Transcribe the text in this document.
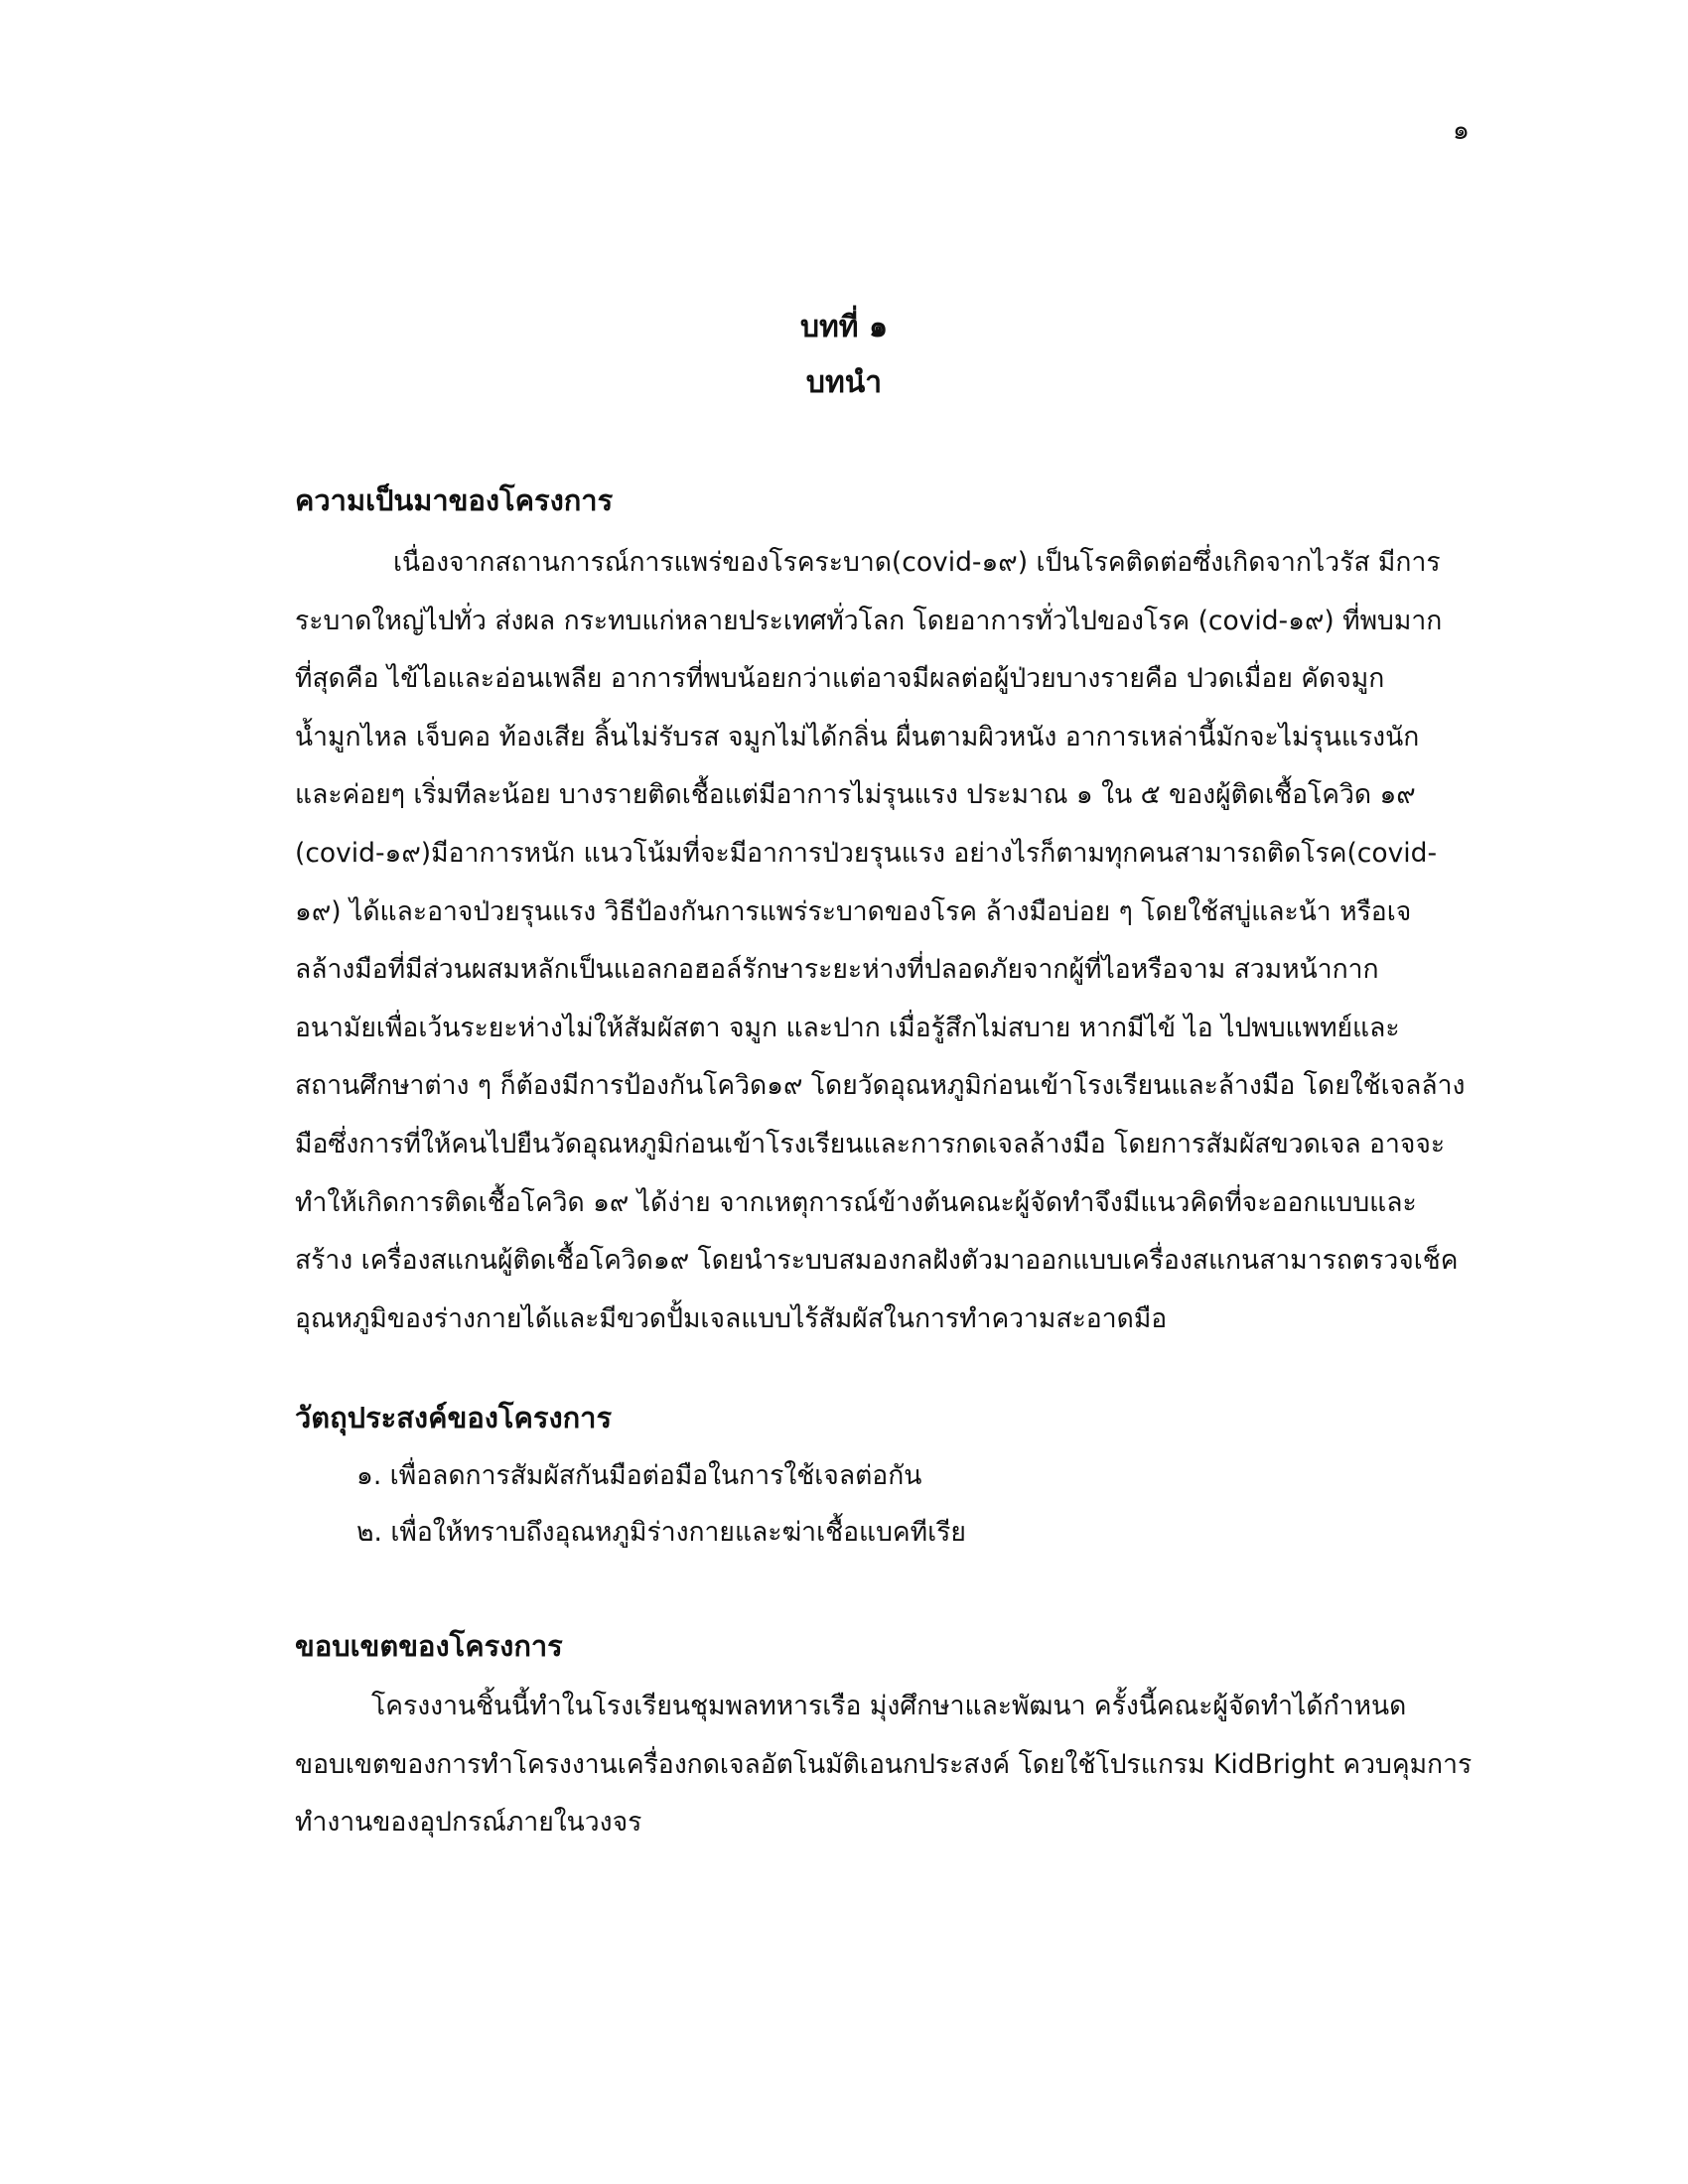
๑
บทที่ ๑
บทนำ
ความเป็นมาของโครงการ
เนื่องจากสถานการณ์การแพร่ของโรคระบาด(covid-๑๙) เป็นโรคติดต่อซึ่งเกิดจากไวรัส มีการ
ระบาดใหญ่ไปทั่ว ส่งผล กระทบแก่หลายประเทศทั่วโลก โดยอาการทั่วไปของโรค (covid-๑๙) ที่พบมาก
ที่สุดคือ ไข้ไอและอ่อนเพลีย อาการที่พบน้อยกว่าแต่อาจมีผลต่อผู้ป่วยบางรายคือ ปวดเมื่อย คัดจมูก
น้ำมูกไหล เจ็บคอ ท้องเสีย ลิ้นไม่รับรส จมูกไม่ได้กลิ่น ผื่นตามผิวหนัง อาการเหล่านี้มักจะไม่รุนแรงนัก
และค่อยๆ เริ่มทีละน้อย บางรายติดเชื้อแต่มีอาการไม่รุนแรง ประมาณ ๑ ใน ๕ ของผู้ติดเชื้อโควิด ๑๙
(covid-๑๙)มีอาการหนัก แนวโน้มที่จะมีอาการป่วยรุนแรง อย่างไรก็ตามทุกคนสามารถติดโรค(covid-
๑๙) ได้และอาจป่วยรุนแรง วิธีป้องกันการแพร่ระบาดของโรค ล้างมือบ่อย ๆ โดยใช้สบู่และน้า หรือเจ
ลล้างมือที่มีส่วนผสมหลักเป็นแอลกอฮอล์รักษาระยะห่างที่ปลอดภัยจากผู้ที่ไอหรือจาม สวมหน้ากาก
อนามัยเพื่อเว้นระยะห่างไม่ให้สัมผัสตา จมูก และปาก เมื่อรู้สึกไม่สบาย หากมีไข้ ไอ ไปพบแพทย์และ
สถานศึกษาต่าง ๆ ก็ต้องมีการป้องกันโควิด๑๙ โดยวัดอุณหภูมิก่อนเข้าโรงเรียนและล้างมือ โดยใช้เจลล้าง
มือซึ่งการที่ให้คนไปยืนวัดอุณหภูมิก่อนเข้าโรงเรียนและการกดเจลล้างมือ โดยการสัมผัสขวดเจล อาจจะ
ทำให้เกิดการติดเชื้อโควิด ๑๙ ได้ง่าย จากเหตุการณ์ข้างต้นคณะผู้จัดทำจึงมีแนวคิดที่จะออกแบบและ
สร้าง เครื่องสแกนผู้ติดเชื้อโควิด๑๙ โดยนำระบบสมองกลฝังตัวมาออกแบบเครื่องสแกนสามารถตรวจเช็ค
อุณหภูมิของร่างกายได้และมีขวดปั้มเจลแบบไร้สัมผัสในการทำความสะอาดมือ
วัตถุประสงค์ของโครงการ
๑. เพื่อลดการสัมผัสกันมือต่อมือในการใช้เจลต่อกัน
๒. เพื่อให้ทราบถึงอุณหภูมิร่างกายและฆ่าเชื้อแบคทีเรีย
ขอบเขตของโครงการ
โครงงานชิ้นนี้ทำในโรงเรียนชุมพลทหารเรือ มุ่งศึกษาและพัฒนา ครั้งนี้คณะผู้จัดทำได้กำหนด
ขอบเขตของการทำโครงงานเครื่องกดเจลอัตโนมัติเอนกประสงค์ โดยใช้โปรแกรม KidBright ควบคุมการ
ทำงานของอุปกรณ์ภายในวงจร
